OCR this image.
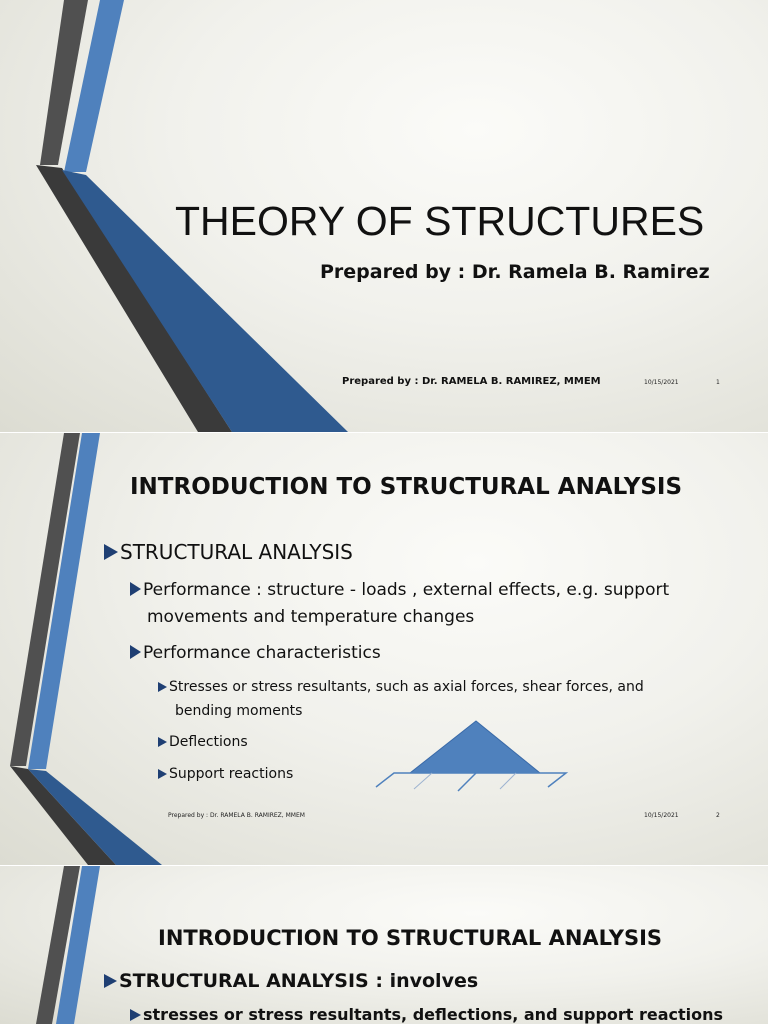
THEORY OF STRUCTURES
Prepared by : Dr. Ramela B. Ramirez
Prepared by : Dr. RAMELA B. RAMIREZ, MMEM	10/15/2021	1
INTRODUCTION TO STRUCTURAL ANALYSIS
STRUCTURAL ANALYSIS
Performance : structure - loads , external effects, e.g. support
movements and temperature changes
Performance characteristics
Stresses or stress resultants, such as axial forces, shear forces, and
bending moments
Deflections
Support reactions
Prepared by : Dr. RAMELA B. RAMIREZ, MMEM	10/15/2021	2
INTRODUCTION TO STRUCTURAL ANALYSIS
STRUCTURAL ANALYSIS : involves
stresses or stress resultants, deflections, and support reactions
